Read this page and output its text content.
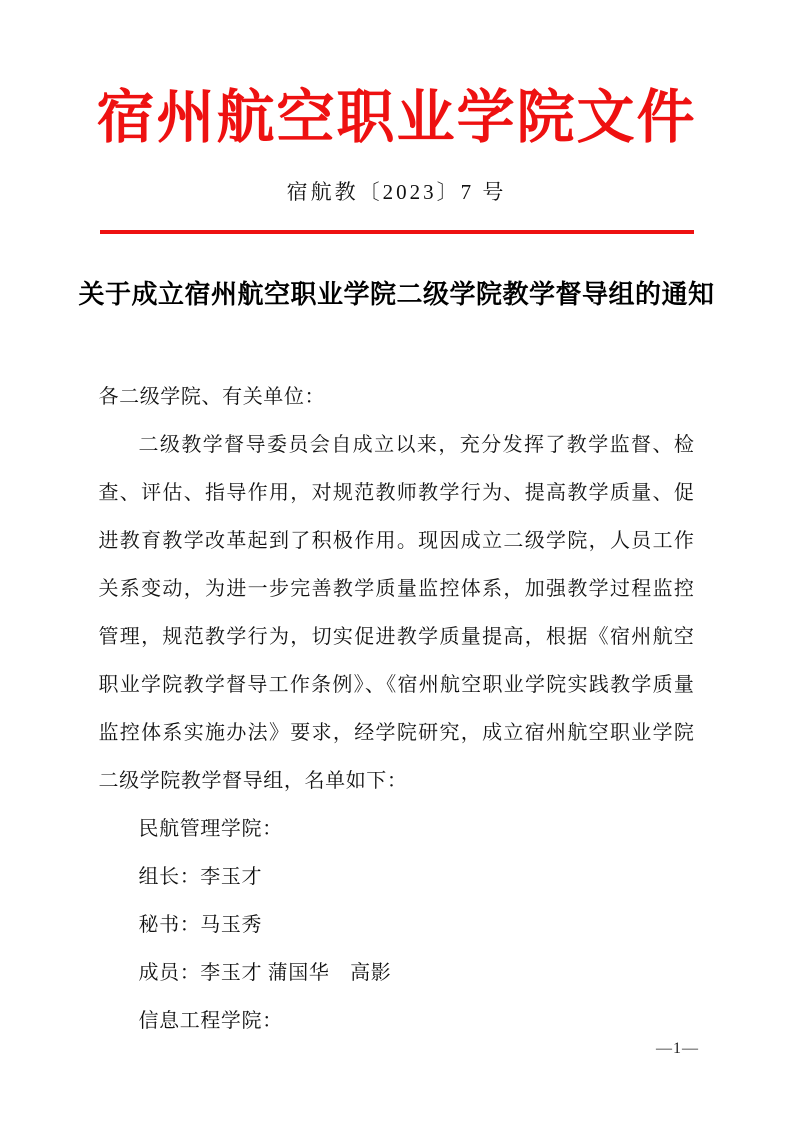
宿州航空职业学院文件
宿航教〔2023〕7 号
关于成立宿州航空职业学院二级学院教学督导组的通知
各二级学院、有关单位：
二级教学督导委员会自成立以来，充分发挥了教学监督、检查、评估、指导作用，对规范教师教学行为、提高教学质量、促进教育教学改革起到了积极作用。现因成立二级学院，人员工作关系变动，为进一步完善教学质量监控体系，加强教学过程监控管理，规范教学行为，切实促进教学质量提高，根据《宿州航空职业学院教学督导工作条例》、《宿州航空职业学院实践教学质量监控体系实施办法》要求，经学院研究，成立宿州航空职业学院二级学院教学督导组，名单如下：
民航管理学院：
组长：李玉才
秘书：马玉秀
成员：李玉才 蒲国华　高影
信息工程学院：
—1—
